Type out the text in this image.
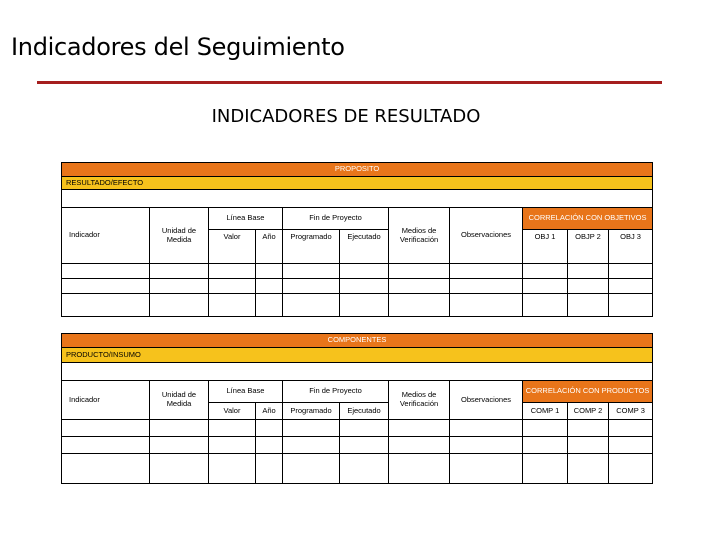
Indicadores del Seguimiento
INDICADORES DE RESULTADO
PROPOSITO										
RESULTADO/EFECTO										

Indicador	Unidad de Medida	Línea Base		Fin de Proyecto		Medios de Verificación	Observaciones	CORRELACIÓN CON OBJETIVOS		
		Valor	Año	Programado	Ejecutado			OBJ 1	OBJP 2	OBJ 3

COMPONENTES										
PRODUCTO/INSUMO										

Indicador	Unidad de Medida	Línea Base		Fin de Proyecto		Medios de Verificación	Observaciones	CORRELACIÓN CON PRODUCTOS		
		Valor	Año	Programado	Ejecutado			COMP 1	COMP 2	COMP 3
